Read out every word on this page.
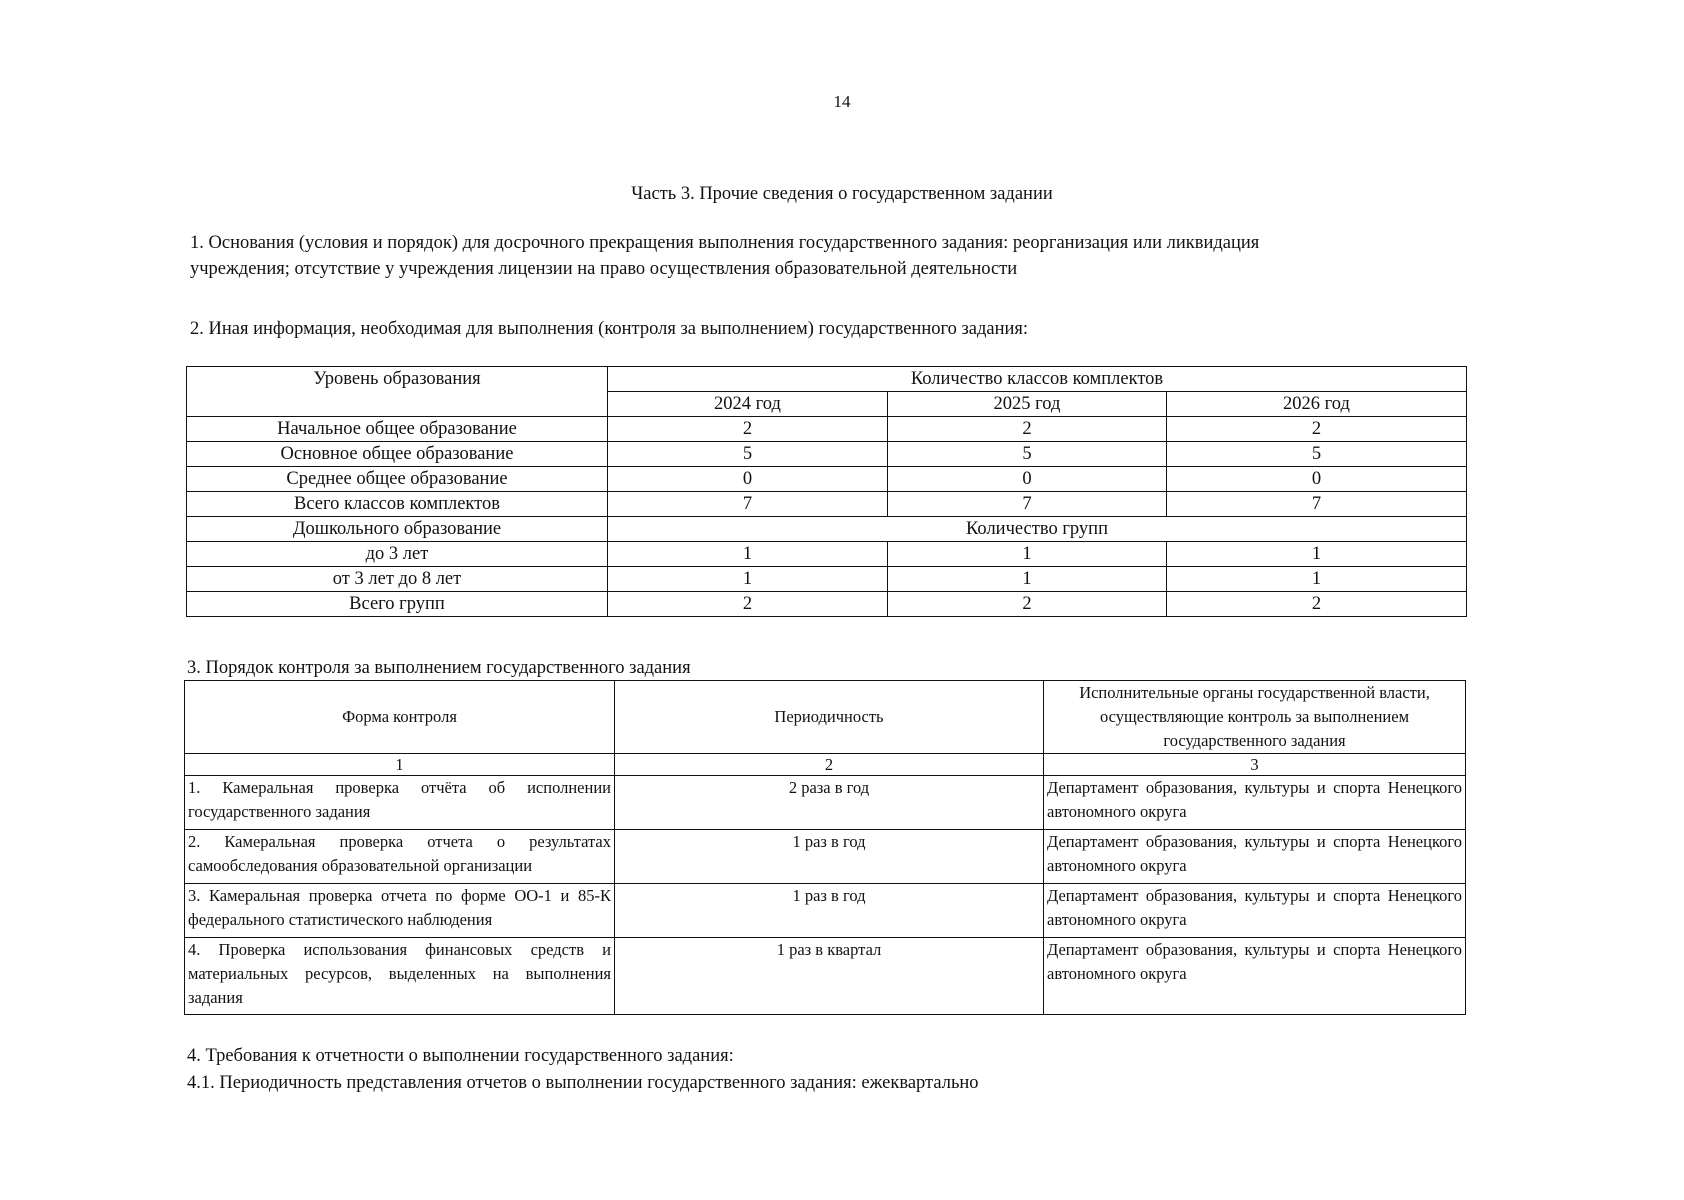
14
Часть 3. Прочие сведения о государственном задании
1. Основания (условия и порядок) для досрочного прекращения выполнения государственного задания: реорганизация или ликвидация
учреждения; отсутствие у учреждения лицензии на право осуществления образовательной деятельности
2. Иная информация, необходимая для выполнения (контроля за выполнением) государственного задания:
Уровень образования	Количество классов комплектов		
	2024 год	2025 год	2026 год
Начальное общее образование	2	2	2
Основное общее образование	5	5	5
Среднее общее образование	0	0	0
Всего классов комплектов	7	7	7
Дошкольного образование	Количество групп		
до 3 лет	1	1	1
от 3 лет до 8 лет	1	1	1
Всего групп	2	2	2
3. Порядок контроля за выполнением государственного задания
Форма контроля	Периодичность	Исполнительные органы государственной власти, осуществляющие контроль за выполнением государственного задания
1	2	3
1. Камеральная проверка отчёта об исполнении государственного задания	2 раза в год	Департамент образования, культуры и спорта Ненецкого автономного округа
2. Камеральная проверка отчета о результатах самообследования образовательной организации	1 раз в год	Департамент образования, культуры и спорта Ненецкого автономного округа
3. Камеральная проверка отчета по форме ОО-1 и 85-К федерального статистического наблюдения	1 раз в год	Департамент образования, культуры и спорта Ненецкого автономного округа
4. Проверка использования финансовых средств и материальных ресурсов, выделенных на выполнения задания	1 раз в квартал	Департамент образования, культуры и спорта Ненецкого автономного округа
4. Требования к отчетности о выполнении государственного задания:
4.1. Периодичность представления отчетов о выполнении государственного задания: ежеквартально
